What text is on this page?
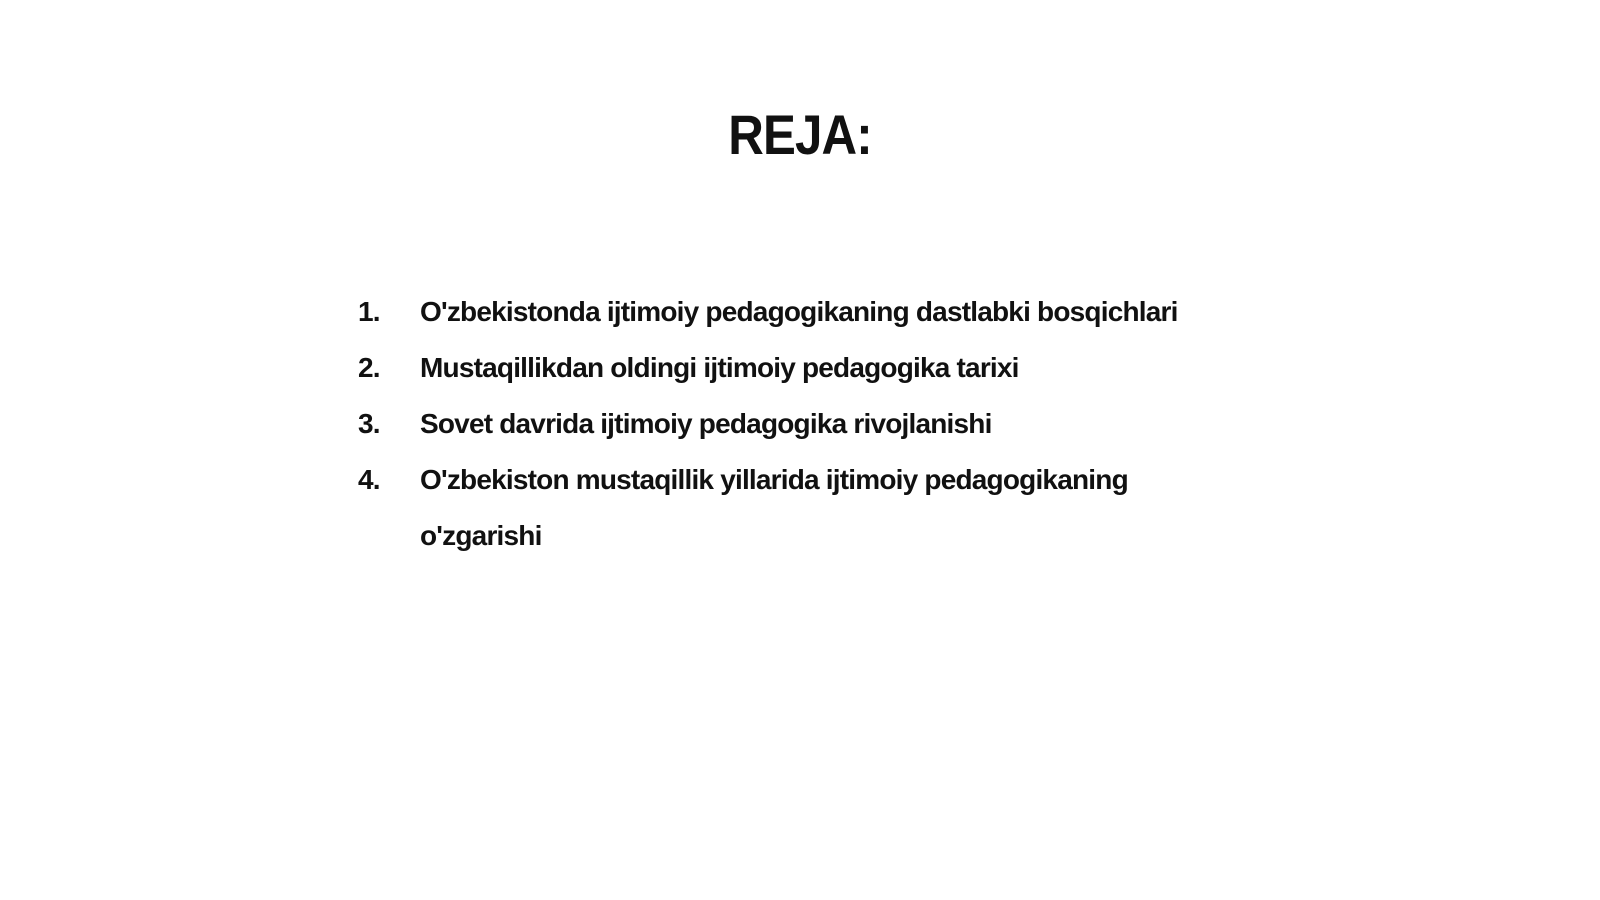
REJA:
1.	O'zbekistonda ijtimoiy pedagogikaning dastlabki bosqichlari
2.	Mustaqillikdan oldingi ijtimoiy pedagogika tarixi
3.	Sovet davrida ijtimoiy pedagogika rivojlanishi
4.	O'zbekiston mustaqillik yillarida ijtimoiy pedagogikaning o'zgarishi
